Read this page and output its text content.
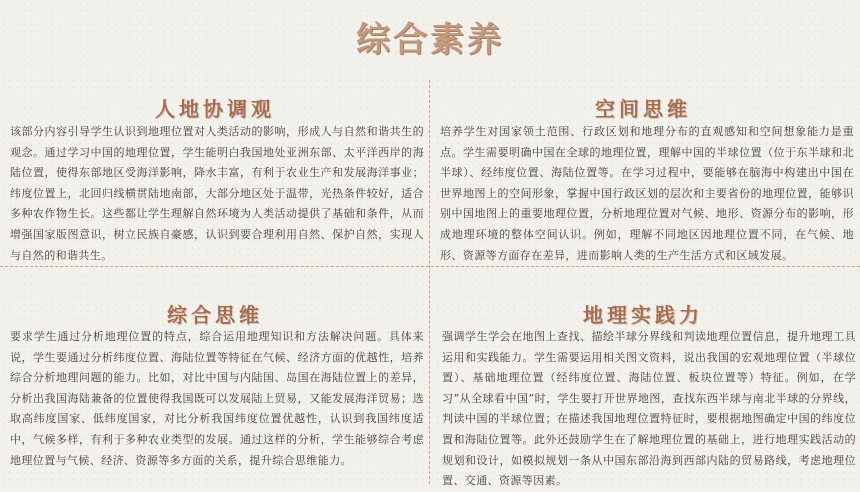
综合素养
人地协调观
该部分内容引导学生认识到地理位置对人类活动的影响，形成人与自然和谐共生的观念。通过学习中国的地理位置，学生能明白我国地处亚洲东部、太平洋西岸的海陆位置，使得东部地区受海洋影响，降水丰富，有利于农业生产和发展海洋事业；纬度位置上，北回归线横贯陆地南部，大部分地区处于温带，光热条件较好，适合多种农作物生长。这些都让学生理解自然环境为人类活动提供了基础和条件，从而增强国家版图意识，树立民族自豪感，认识到要合理利用自然、保护自然，实现人与自然的和谐共生。
空间思维
培养学生对国家领土范围、行政区划和地理分布的直观感知和空间想象能力是重点。学生需要明确中国在全球的地理位置，理解中国的半球位置（位于东半球和北半球）、经纬度位置、海陆位置等。在学习过程中，要能够在脑海中构建出中国在世界地图上的空间形象，掌握中国行政区划的层次和主要省份的地理位置，能够识别中国地图上的重要地理位置，分析地理位置对气候、地形、资源分布的影响，形成地理环境的整体空间认识。例如，理解不同地区因地理位置不同，在气候、地形、资源等方面存在差异，进而影响人类的生产生活方式和区域发展。
综合思维
要求学生通过分析地理位置的特点，综合运用地理知识和方法解决问题。具体来说，学生要通过分析纬度位置、海陆位置等特征在气候、经济方面的优越性，培养综合分析地理问题的能力。比如，对比中国与内陆国、岛国在海陆位置上的差异，分析出我国海陆兼备的位置使得我国既可以发展陆上贸易，又能发展海洋贸易；选取高纬度国家、低纬度国家，对比分析我国纬度位置优越性，认识到我国纬度适中，气候多样，有利于多种农业类型的发展。通过这样的分析，学生能够综合考虑地理位置与气候、经济、资源等多方面的关系，提升综合思维能力。
地理实践力
强调学生学会在地图上查找、描绘半球分界线和判读地理位置信息，提升地理工具运用和实践能力。学生需要运用相关图文资料，说出我国的宏观地理位置（半球位置）、基础地理位置（经纬度位置、海陆位置、板块位置等）特征。例如，在学习“从全球看中国”时，学生要打开世界地图，查找东西半球与南北半球的分界线，判读中国的半球位置；在描述我国地理位置特征时，要根据地图确定中国的纬度位置和海陆位置等。此外还鼓励学生在了解地理位置的基础上，进行地理实践活动的规划和设计，如模拟规划一条从中国东部沿海到西部内陆的贸易路线，考虑地理位置、交通、资源等因素。
